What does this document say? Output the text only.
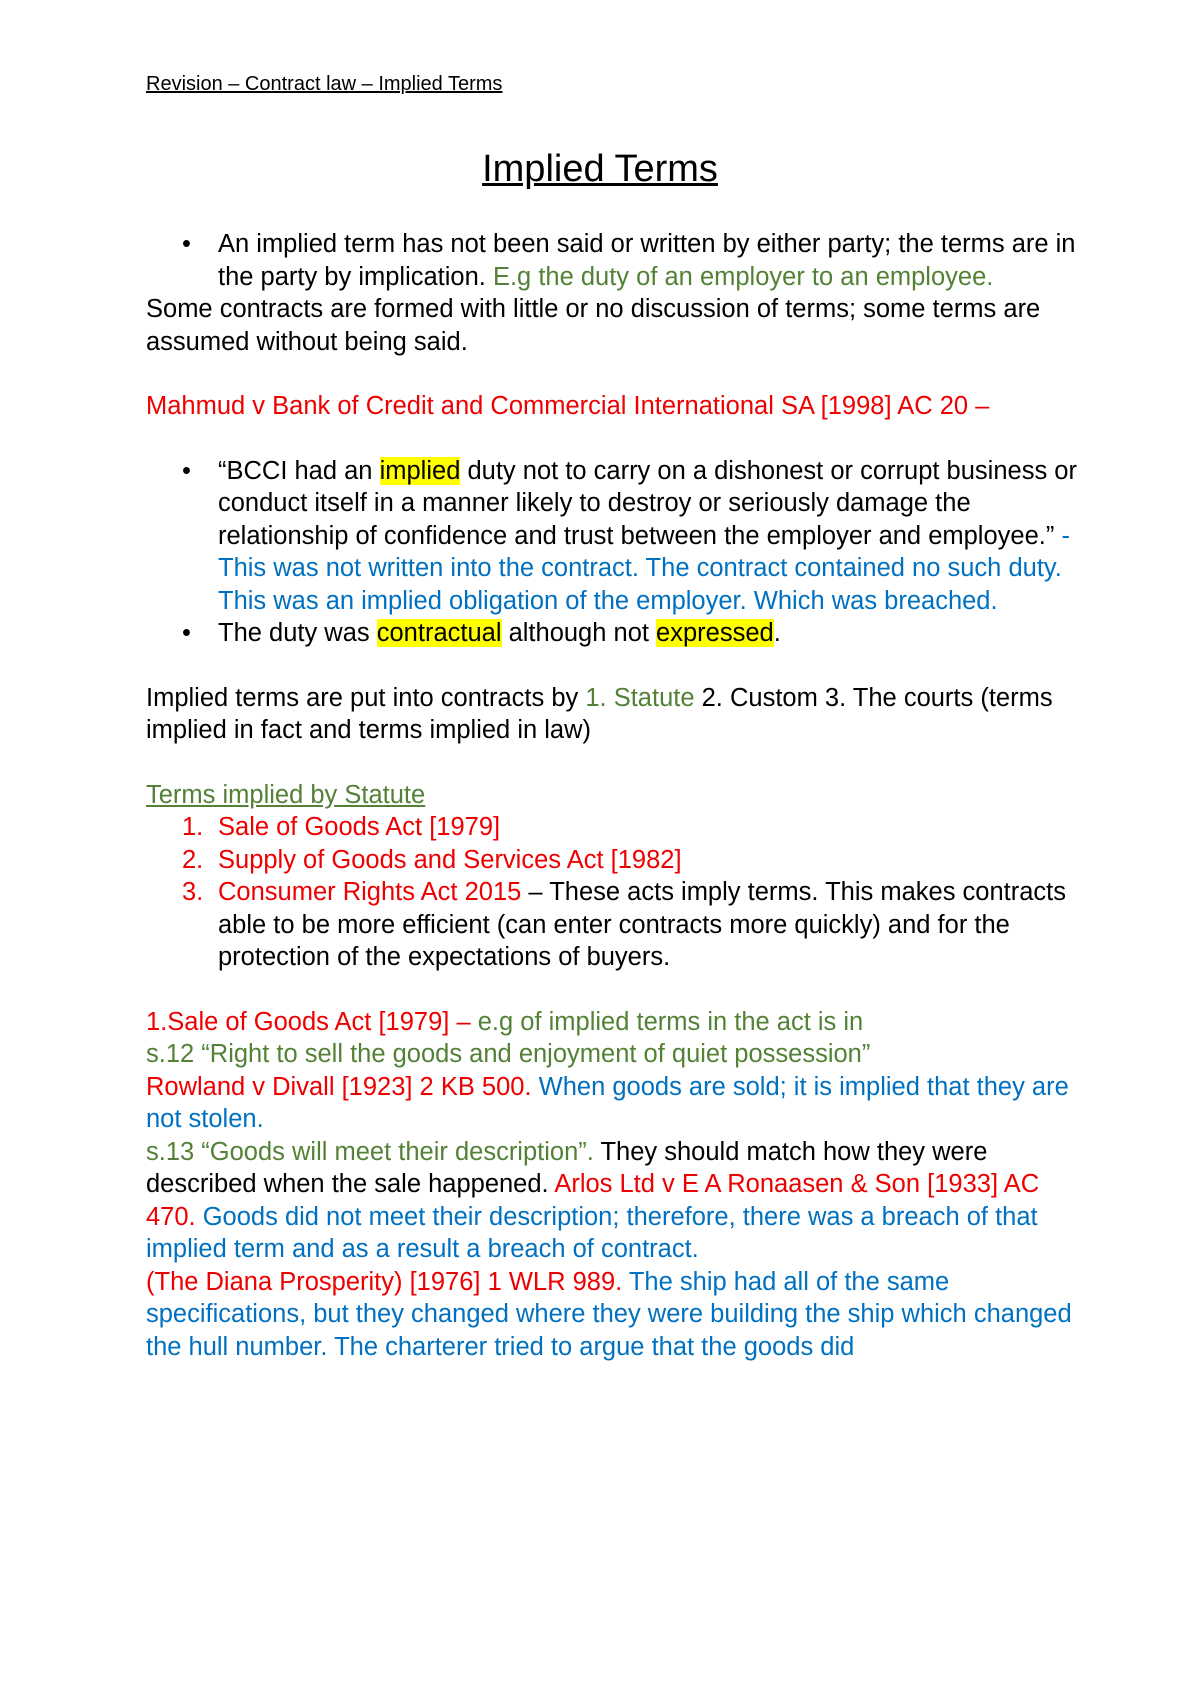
Revision – Contract law – Implied Terms
Implied Terms

• An implied term has not been said or written by either party; the terms are in the party by implication. E.g the duty of an employer to an employee.

Some contracts are formed with little or no discussion of terms; some terms are assumed without being said.

Mahmud v Bank of Credit and Commercial International SA [1998] AC 20 –

• “BCCI had an implied duty not to carry on a dishonest or corrupt business or conduct itself in a manner likely to destroy or seriously damage the relationship of confidence and trust between the employer and employee.” - This was not written into the contract. The contract contained no such duty. This was an implied obligation of the employer. Which was breached.

• The duty was contractual although not expressed.

Implied terms are put into contracts by 1. Statute 2. Custom 3. The courts (terms implied in fact and terms implied in law)

Terms implied by Statute

1. Sale of Goods Act [1979]

2. Supply of Goods and Services Act [1982]

3. Consumer Rights Act 2015 – These acts imply terms. This makes contracts able to be more efficient (can enter contracts more quickly) and for the protection of the expectations of buyers.

1.Sale of Goods Act [1979] – e.g of implied terms in the act is in
s.12 “Right to sell the goods and enjoyment of quiet possession”
Rowland v Divall [1923] 2 KB 500. When goods are sold; it is implied that they are not stolen.
s.13 “Goods will meet their description”. They should match how they were described when the sale happened. Arlos Ltd v E A Ronaasen & Son [1933] AC 470. Goods did not meet their description; therefore, there was a breach of that implied term and as a result a breach of contract.
(The Diana Prosperity) [1976] 1 WLR 989. The ship had all of the same specifications, but they changed where they were building the ship which changed the hull number. The charterer tried to argue that the goods did
